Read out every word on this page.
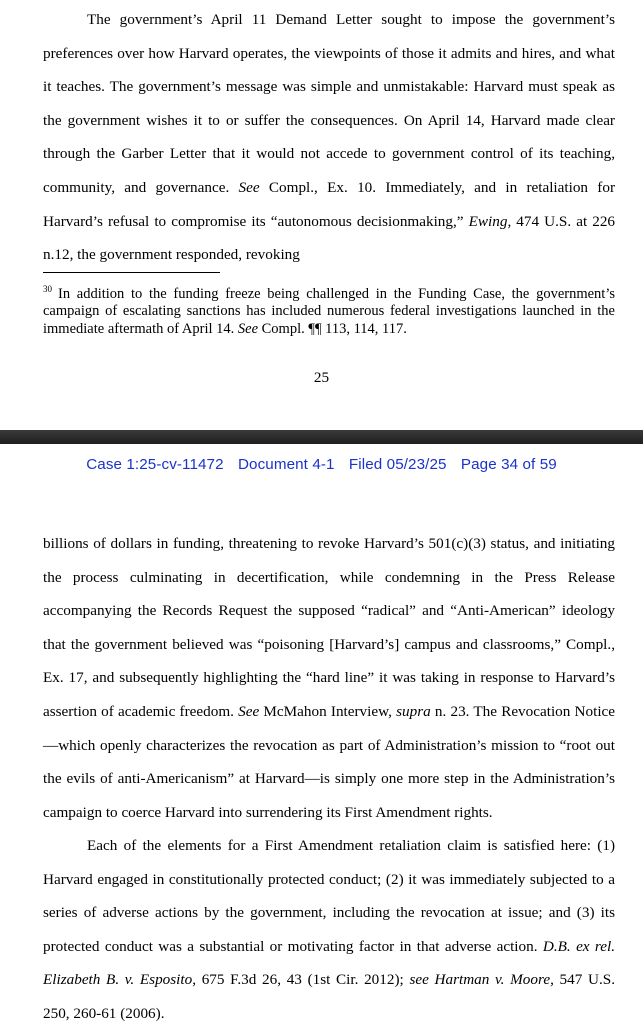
The government’s April 11 Demand Letter sought to impose the government’s preferences over how Harvard operates, the viewpoints of those it admits and hires, and what it teaches. The government’s message was simple and unmistakable: Harvard must speak as the government wishes it to or suffer the consequences. On April 14, Harvard made clear through the Garber Letter that it would not accede to government control of its teaching, community, and governance. See Compl., Ex. 10. Immediately, and in retaliation for Harvard’s refusal to compromise its “autonomous decisionmaking,” Ewing, 474 U.S. at 226 n.12, the government responded, revoking

$^{30}$ In addition to the funding freeze being challenged in the Funding Case, the government’s campaign of escalating sanctions has included numerous federal investigations launched in the immediate aftermath of April 14. See Compl. ¶¶ 113, 114, 117.

25
Case 1:25-cv-11472 Document 4-1 Filed 05/23/25 Page 34 of 59

billions of dollars in funding, threatening to revoke Harvard’s 501(c)(3) status, and initiating the process culminating in decertification, while condemning in the Press Release accompanying the Records Request the supposed “radical” and “Anti-American” ideology that the government believed was “poisoning [Harvard’s] campus and classrooms,” Compl., Ex. 17, and subsequently highlighting the “hard line” it was taking in response to Harvard’s assertion of academic freedom. See McMahon Interview, supra n. 23. The Revocation Notice—which openly characterizes the revocation as part of Administration’s mission to “root out the evils of anti-Americanism” at Harvard—is simply one more step in the Administration’s campaign to coerce Harvard into surrendering its First Amendment rights.

Each of the elements for a First Amendment retaliation claim is satisfied here: (1) Harvard engaged in constitutionally protected conduct; (2) it was immediately subjected to a series of adverse actions by the government, including the revocation at issue; and (3) its protected conduct was a substantial or motivating factor in that adverse action. D.B. ex rel. Elizabeth B. v. Esposito, 675 F.3d 26, 43 (1st Cir. 2012); see Hartman v. Moore, 547 U.S. 250, 260-61 (2006).
